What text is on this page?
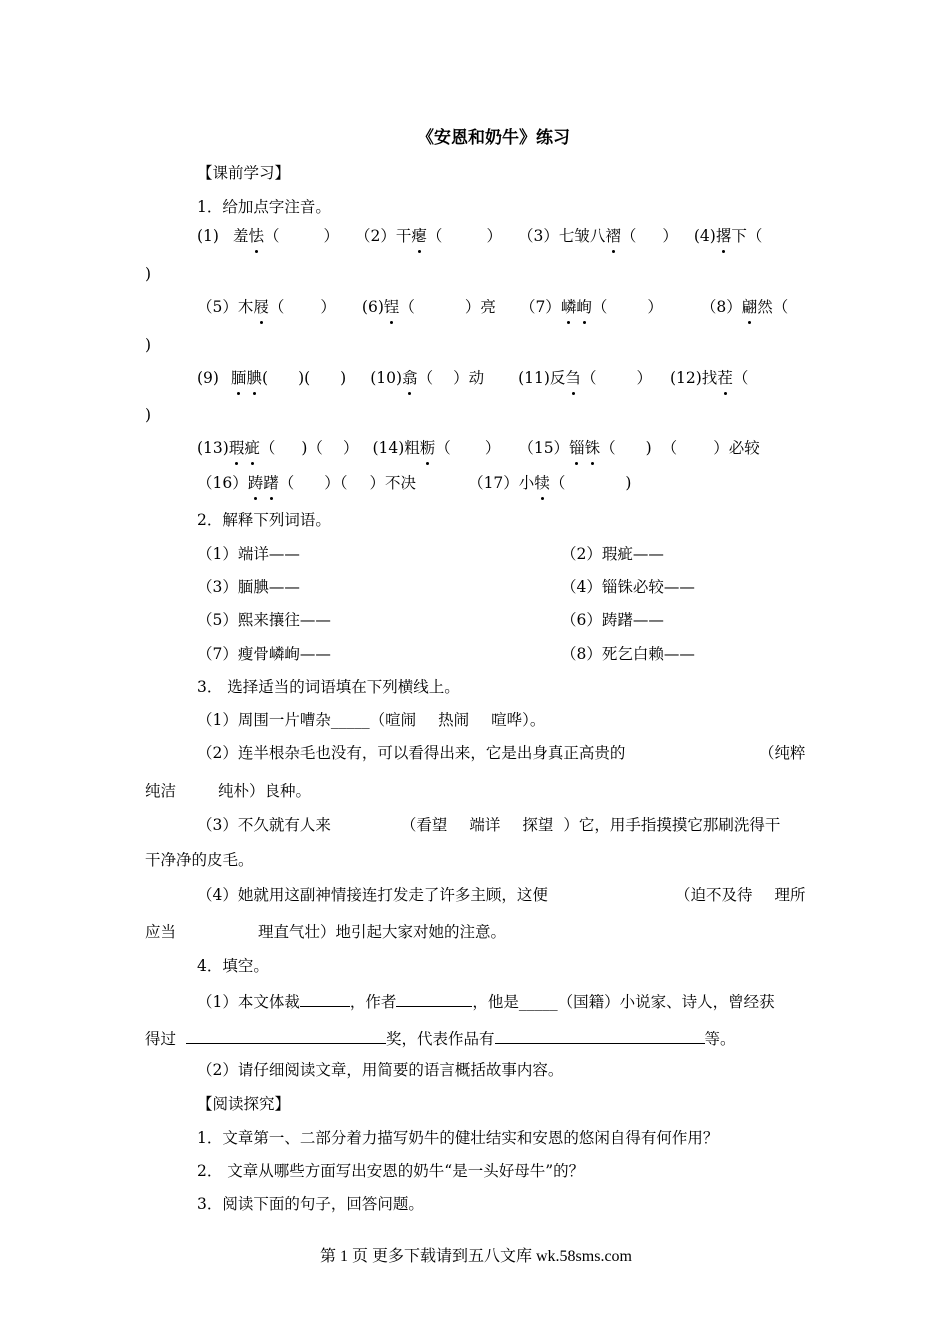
《安恩和奶牛》练习
【课前学习】
1．给加点字注音。
(1) 羞怯（	） （2）干瘪（	） （3）七皱八褶（ ） (4)撂下（
)
（5）木屐（ ） (6)锃（	）亮 （7）嶙峋（	） （8）翩然（
)
(9) 腼腆( )( ) (10)翕（ ）动 (11)反刍（	） (12)找茬（
)
(13)瑕疵（ )（ ） (14)粗粝（ ） （15）锱铢（ ) （ ）必较
（16）踌躇（ ）（ ）不决	（17）小犊（	)
2．解释下列词语。
（1）端详——	（2）瑕疵——
（3）腼腆——	（4）锱铢必较——
（5）熙来攘往——	（6）踌躇——
（7）瘦骨嶙峋——	（8）死乞白赖——
3． 选择适当的词语填在下列横线上。
（1）周围一片嘈杂_____（喧闹 热闹 喧哗）。
（2）连半根杂毛也没有，可以看得出来，它是出身真正高贵的	（纯粹
纯洁	纯朴）良种。
（3）不久就有人来	（看望 端详 探望 ）它，用手指摸摸它那刷洗得干
干净净的皮毛。
（4）她就用这副神情接连打发走了许多主顾，这便	（迫不及待 理所
应当	理直气壮）地引起大家对她的注意。
4．填空。
（1）本文体裁	，作者	，他是_____（国籍）小说家、诗人，曾经获
得过	奖，代表作品有	等。
（2）请仔细阅读文章，用简要的语言概括故事内容。
【阅读探究】
1．文章第一、二部分着力描写奶牛的健壮结实和安恩的悠闲自得有何作用？
2． 文章从哪些方面写出安恩的奶牛“是一头好母牛”的？
3．阅读下面的句子，回答问题。
第 1 页 更多下载请到五八文库 wk.58sms.com
